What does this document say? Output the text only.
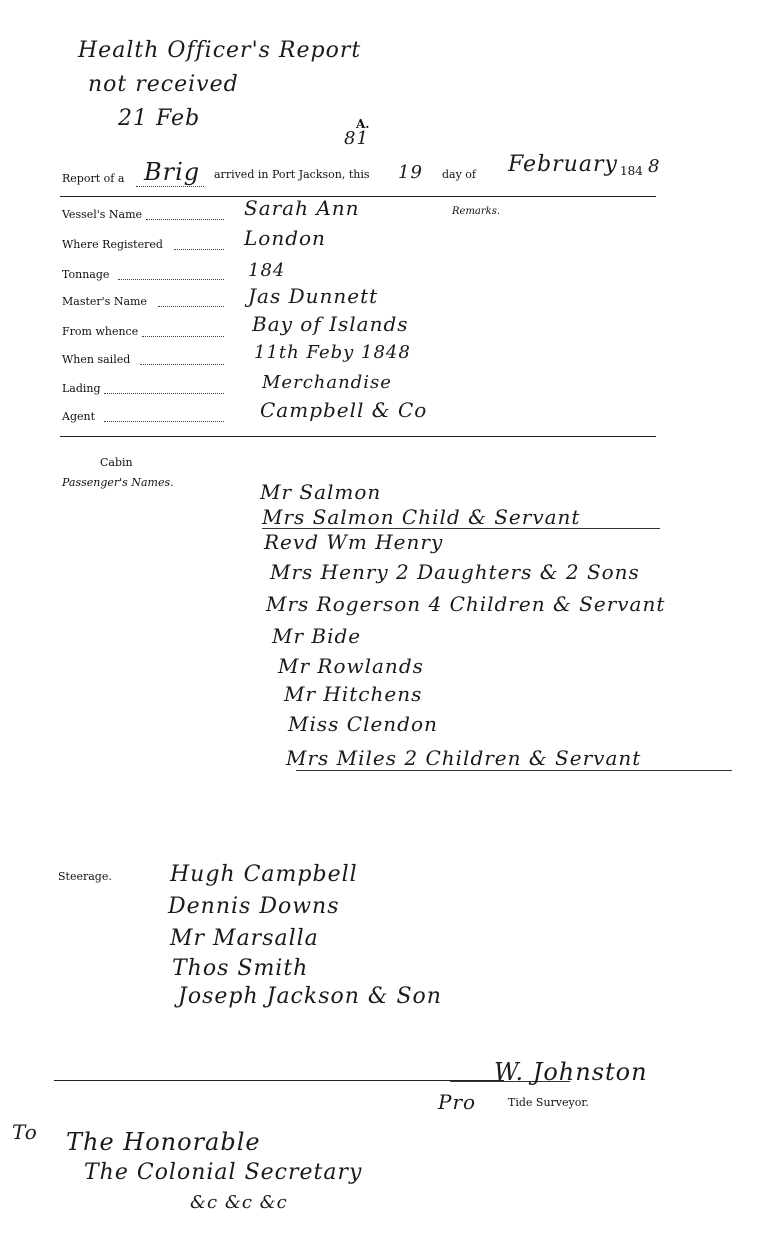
Health Officer's Report
not received
21 Feb	A.
81
Report of a Brig arrived in Port Jackson, this 19 day of February 184 8
Remarks.
Vessel's Name	Sarah Ann
Where Registered	London
Tonnage	184
Master's Name	Jas Dunnett
From whence	Bay of Islands
When sailed	11th Feby 1848
Lading	Merchandise
Agent	Campbell & Co
Cabin
Passenger's Names.	Mr Salmon
Mrs Salmon Child & Servant
Revd Wm Henry
Mrs Henry 2 Daughters & 2 Sons
Mrs Rogerson 4 Children & Servant
Mr Bide
Mr Rowlands
Mr Hitchens
Miss Clendon
Mrs Miles 2 Children & Servant
Steerage.	Hugh Campbell
Dennis Downs
Mr Marsalla
Thos Smith
Joseph Jackson & Son
Pro
W. Johnston
Tide Surveyor.
To The Honorable
The Colonial Secretary
&c &c &c
